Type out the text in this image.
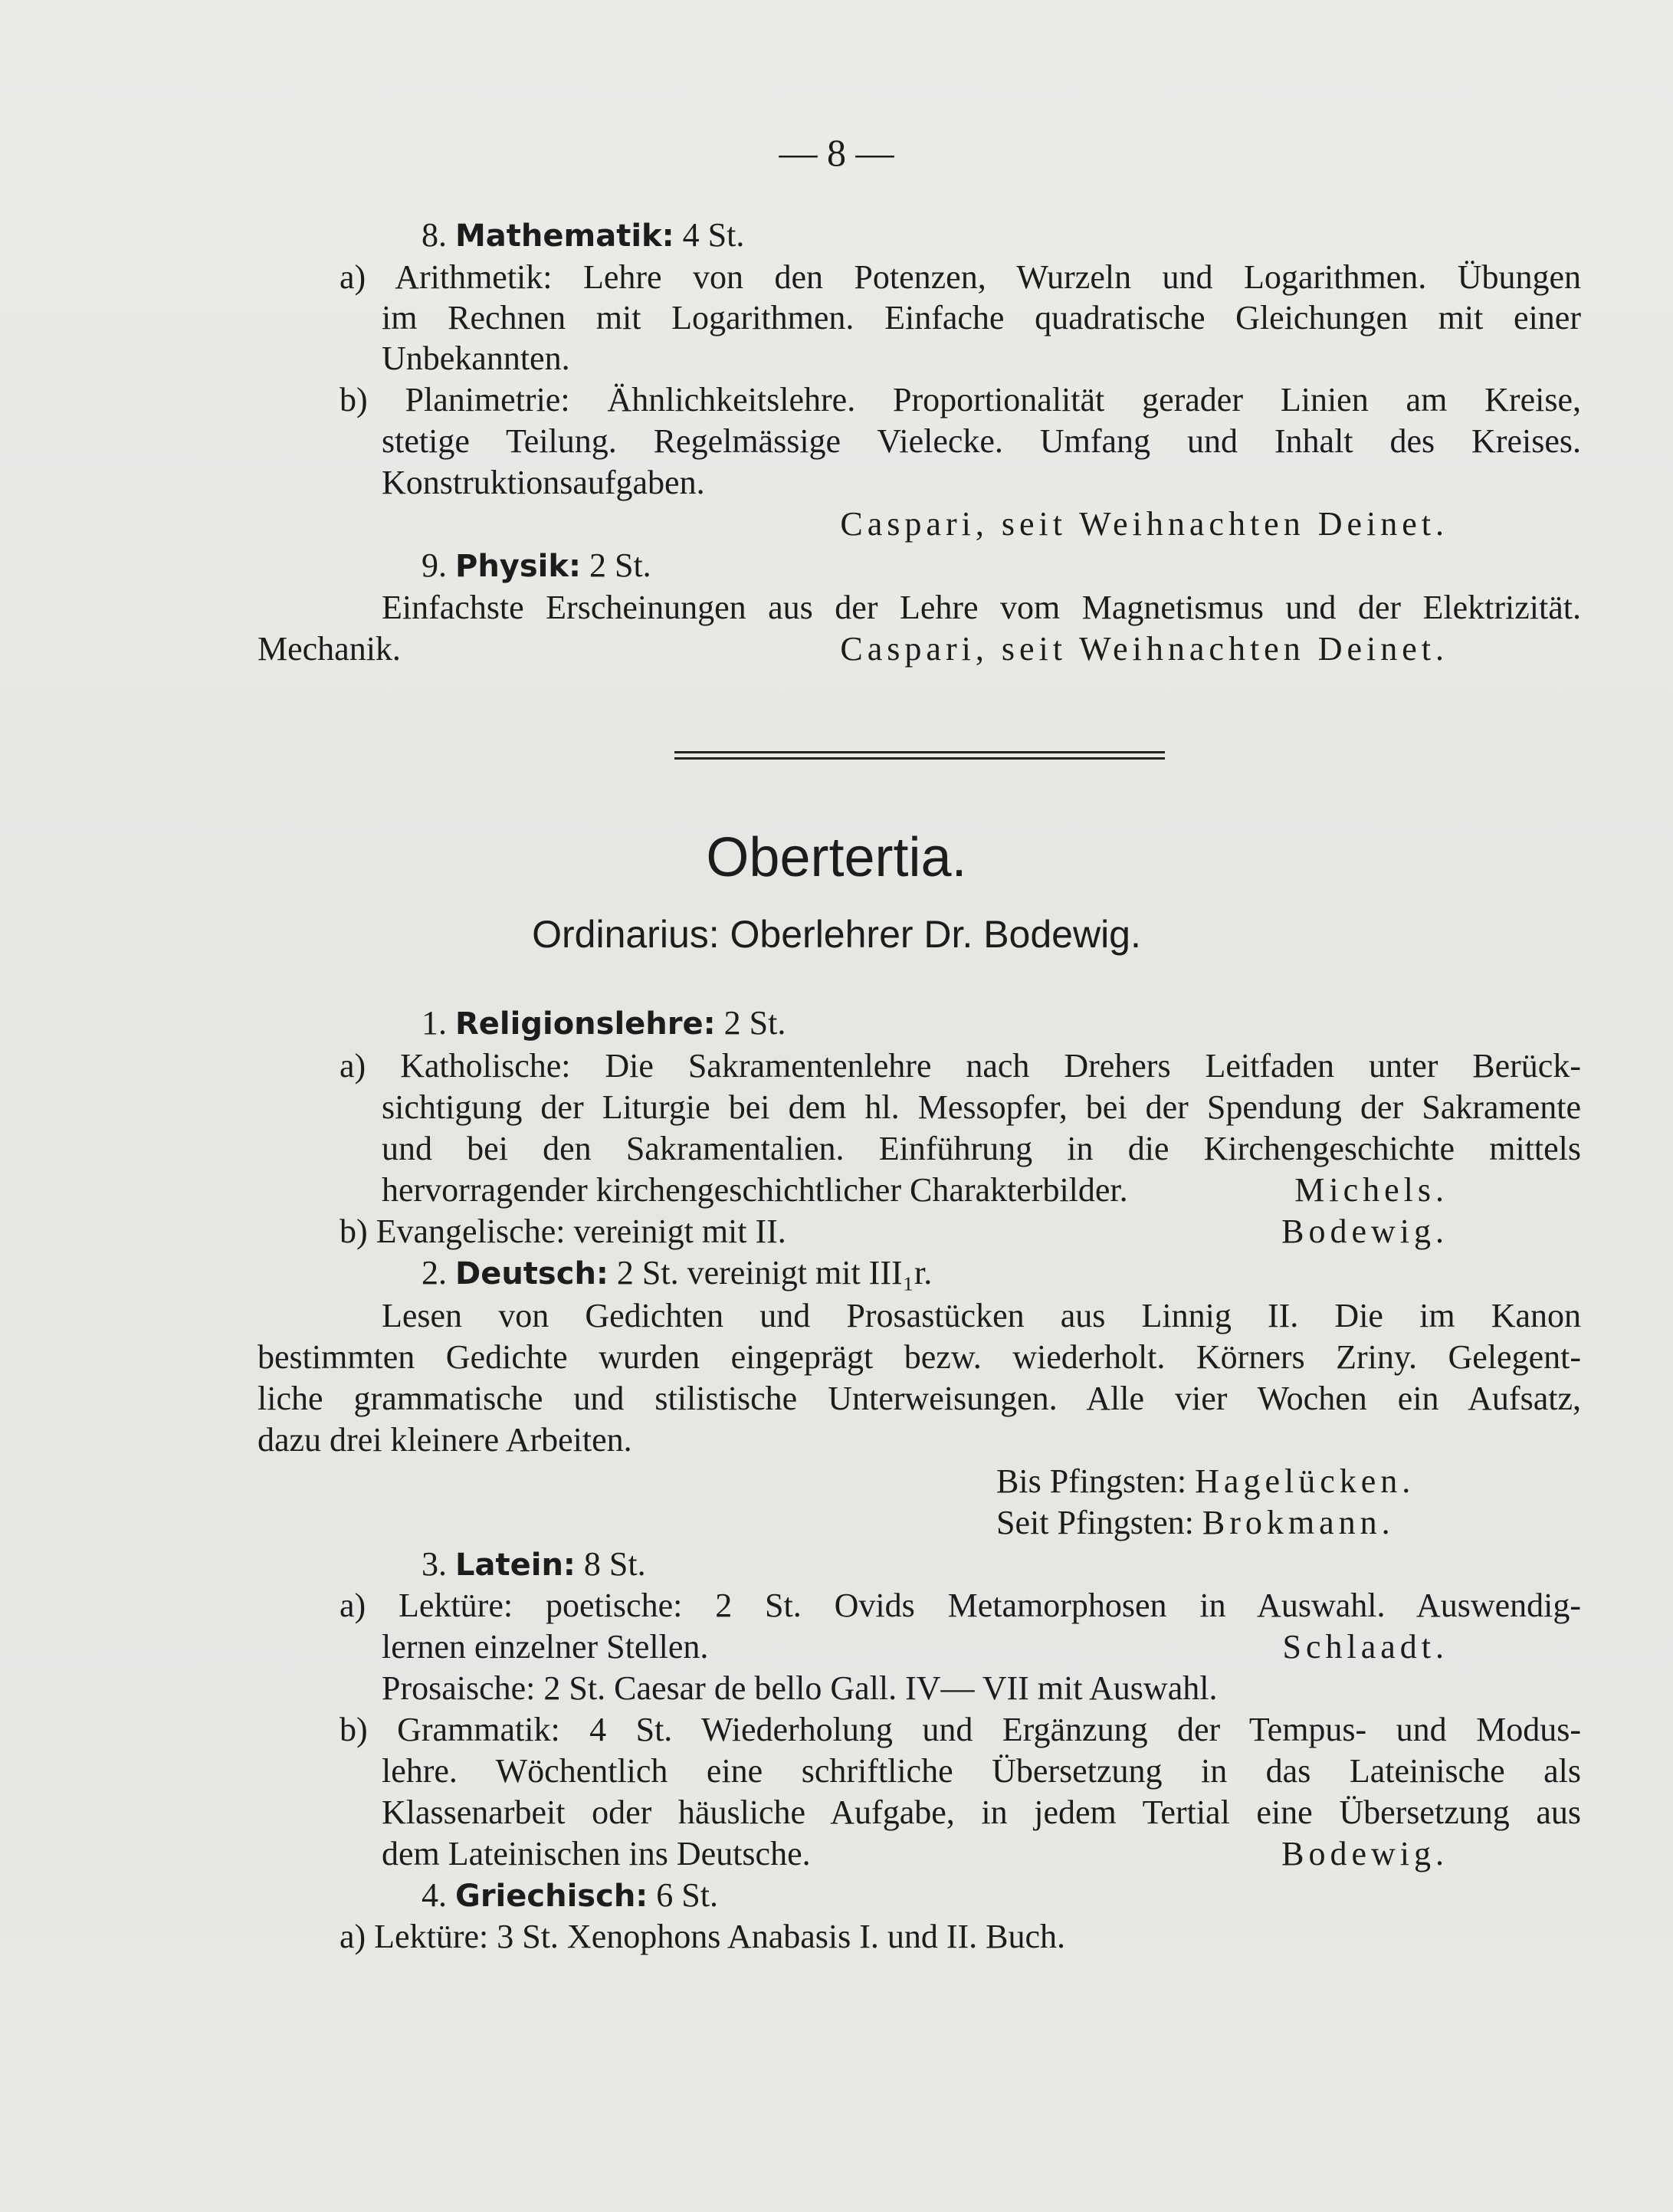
— 8 —
8. Mathematik: 4 St.
a) Arithmetik: Lehre von den Potenzen, Wurzeln und Logarithmen. Übungen
im Rechnen mit Logarithmen. Einfache quadratische Gleichungen mit einer
Unbekannten.
b) Planimetrie: Ähnlichkeitslehre. Proportionalität gerader Linien am Kreise,
stetige Teilung. Regelmässige Vielecke. Umfang und Inhalt des Kreises.
Konstruktionsaufgaben.
Caspari, seit Weihnachten Deinet.
9. Physik: 2 St.
Einfachste Erscheinungen aus der Lehre vom Magnetismus und der Elektrizität.
Mechanik.	Caspari, seit Weihnachten Deinet.
Obertertia.
Ordinarius: Oberlehrer Dr. Bodewig.
1. Religionslehre: 2 St.
a) Katholische: Die Sakramentenlehre nach Drehers Leitfaden unter Berück-
sichtigung der Liturgie bei dem hl. Messopfer, bei der Spendung der Sakramente
und bei den Sakramentalien. Einführung in die Kirchengeschichte mittels
hervorragender kirchengeschichtlicher Charakterbilder.	Michels.
b) Evangelische: vereinigt mit II.	Bodewig.
2. Deutsch: 2 St. vereinigt mit III₁r.
Lesen von Gedichten und Prosastücken aus Linnig II. Die im Kanon
bestimmten Gedichte wurden eingeprägt bezw. wiederholt. Körners Zriny. Gelegent-
liche grammatische und stilistische Unterweisungen. Alle vier Wochen ein Aufsatz,
dazu drei kleinere Arbeiten.
Bis Pfingsten: Hagelücken.
Seit Pfingsten: Brokmann.
3. Latein: 8 St.
a) Lektüre: poetische: 2 St. Ovids Metamorphosen in Auswahl. Auswendig-
lernen einzelner Stellen.	Schlaadt.
Prosaische: 2 St. Caesar de bello Gall. IV— VII mit Auswahl.
b) Grammatik: 4 St. Wiederholung und Ergänzung der Tempus- und Modus-
lehre. Wöchentlich eine schriftliche Übersetzung in das Lateinische als
Klassenarbeit oder häusliche Aufgabe, in jedem Tertial eine Übersetzung aus
dem Lateinischen ins Deutsche.	Bodewig.
4. Griechisch: 6 St.
a) Lektüre: 3 St. Xenophons Anabasis I. und II. Buch.
